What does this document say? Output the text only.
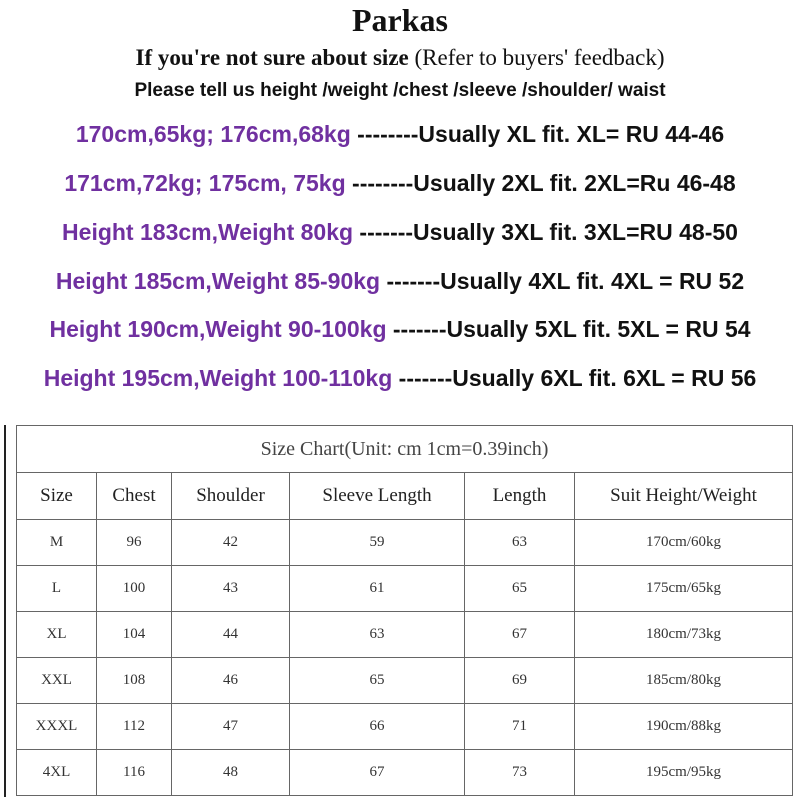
Parkas
If you're not sure about size (Refer to buyers' feedback)
Please tell us height /weight /chest /sleeve /shoulder/ waist
170cm,65kg; 176cm,68kg --------Usually XL fit. XL= RU 44-46
171cm,72kg; 175cm, 75kg --------Usually 2XL fit. 2XL=Ru 46-48
Height 183cm,Weight 80kg -------Usually 3XL fit. 3XL=RU 48-50
Height 185cm,Weight 85-90kg -------Usually 4XL fit. 4XL = RU 52
Height 190cm,Weight 90-100kg -------Usually 5XL fit. 5XL = RU 54
Height 195cm,Weight 100-110kg -------Usually 6XL fit. 6XL = RU 56
Size Chart(Unit: cm 1cm=0.39inch)					
Size	Chest	Shoulder	Sleeve Length	Length	Suit Height/Weight
M	96	42	59	63	170cm/60kg
L	100	43	61	65	175cm/65kg
XL	104	44	63	67	180cm/73kg
XXL	108	46	65	69	185cm/80kg
XXXL	112	47	66	71	190cm/88kg
4XL	116	48	67	73	195cm/95kg
